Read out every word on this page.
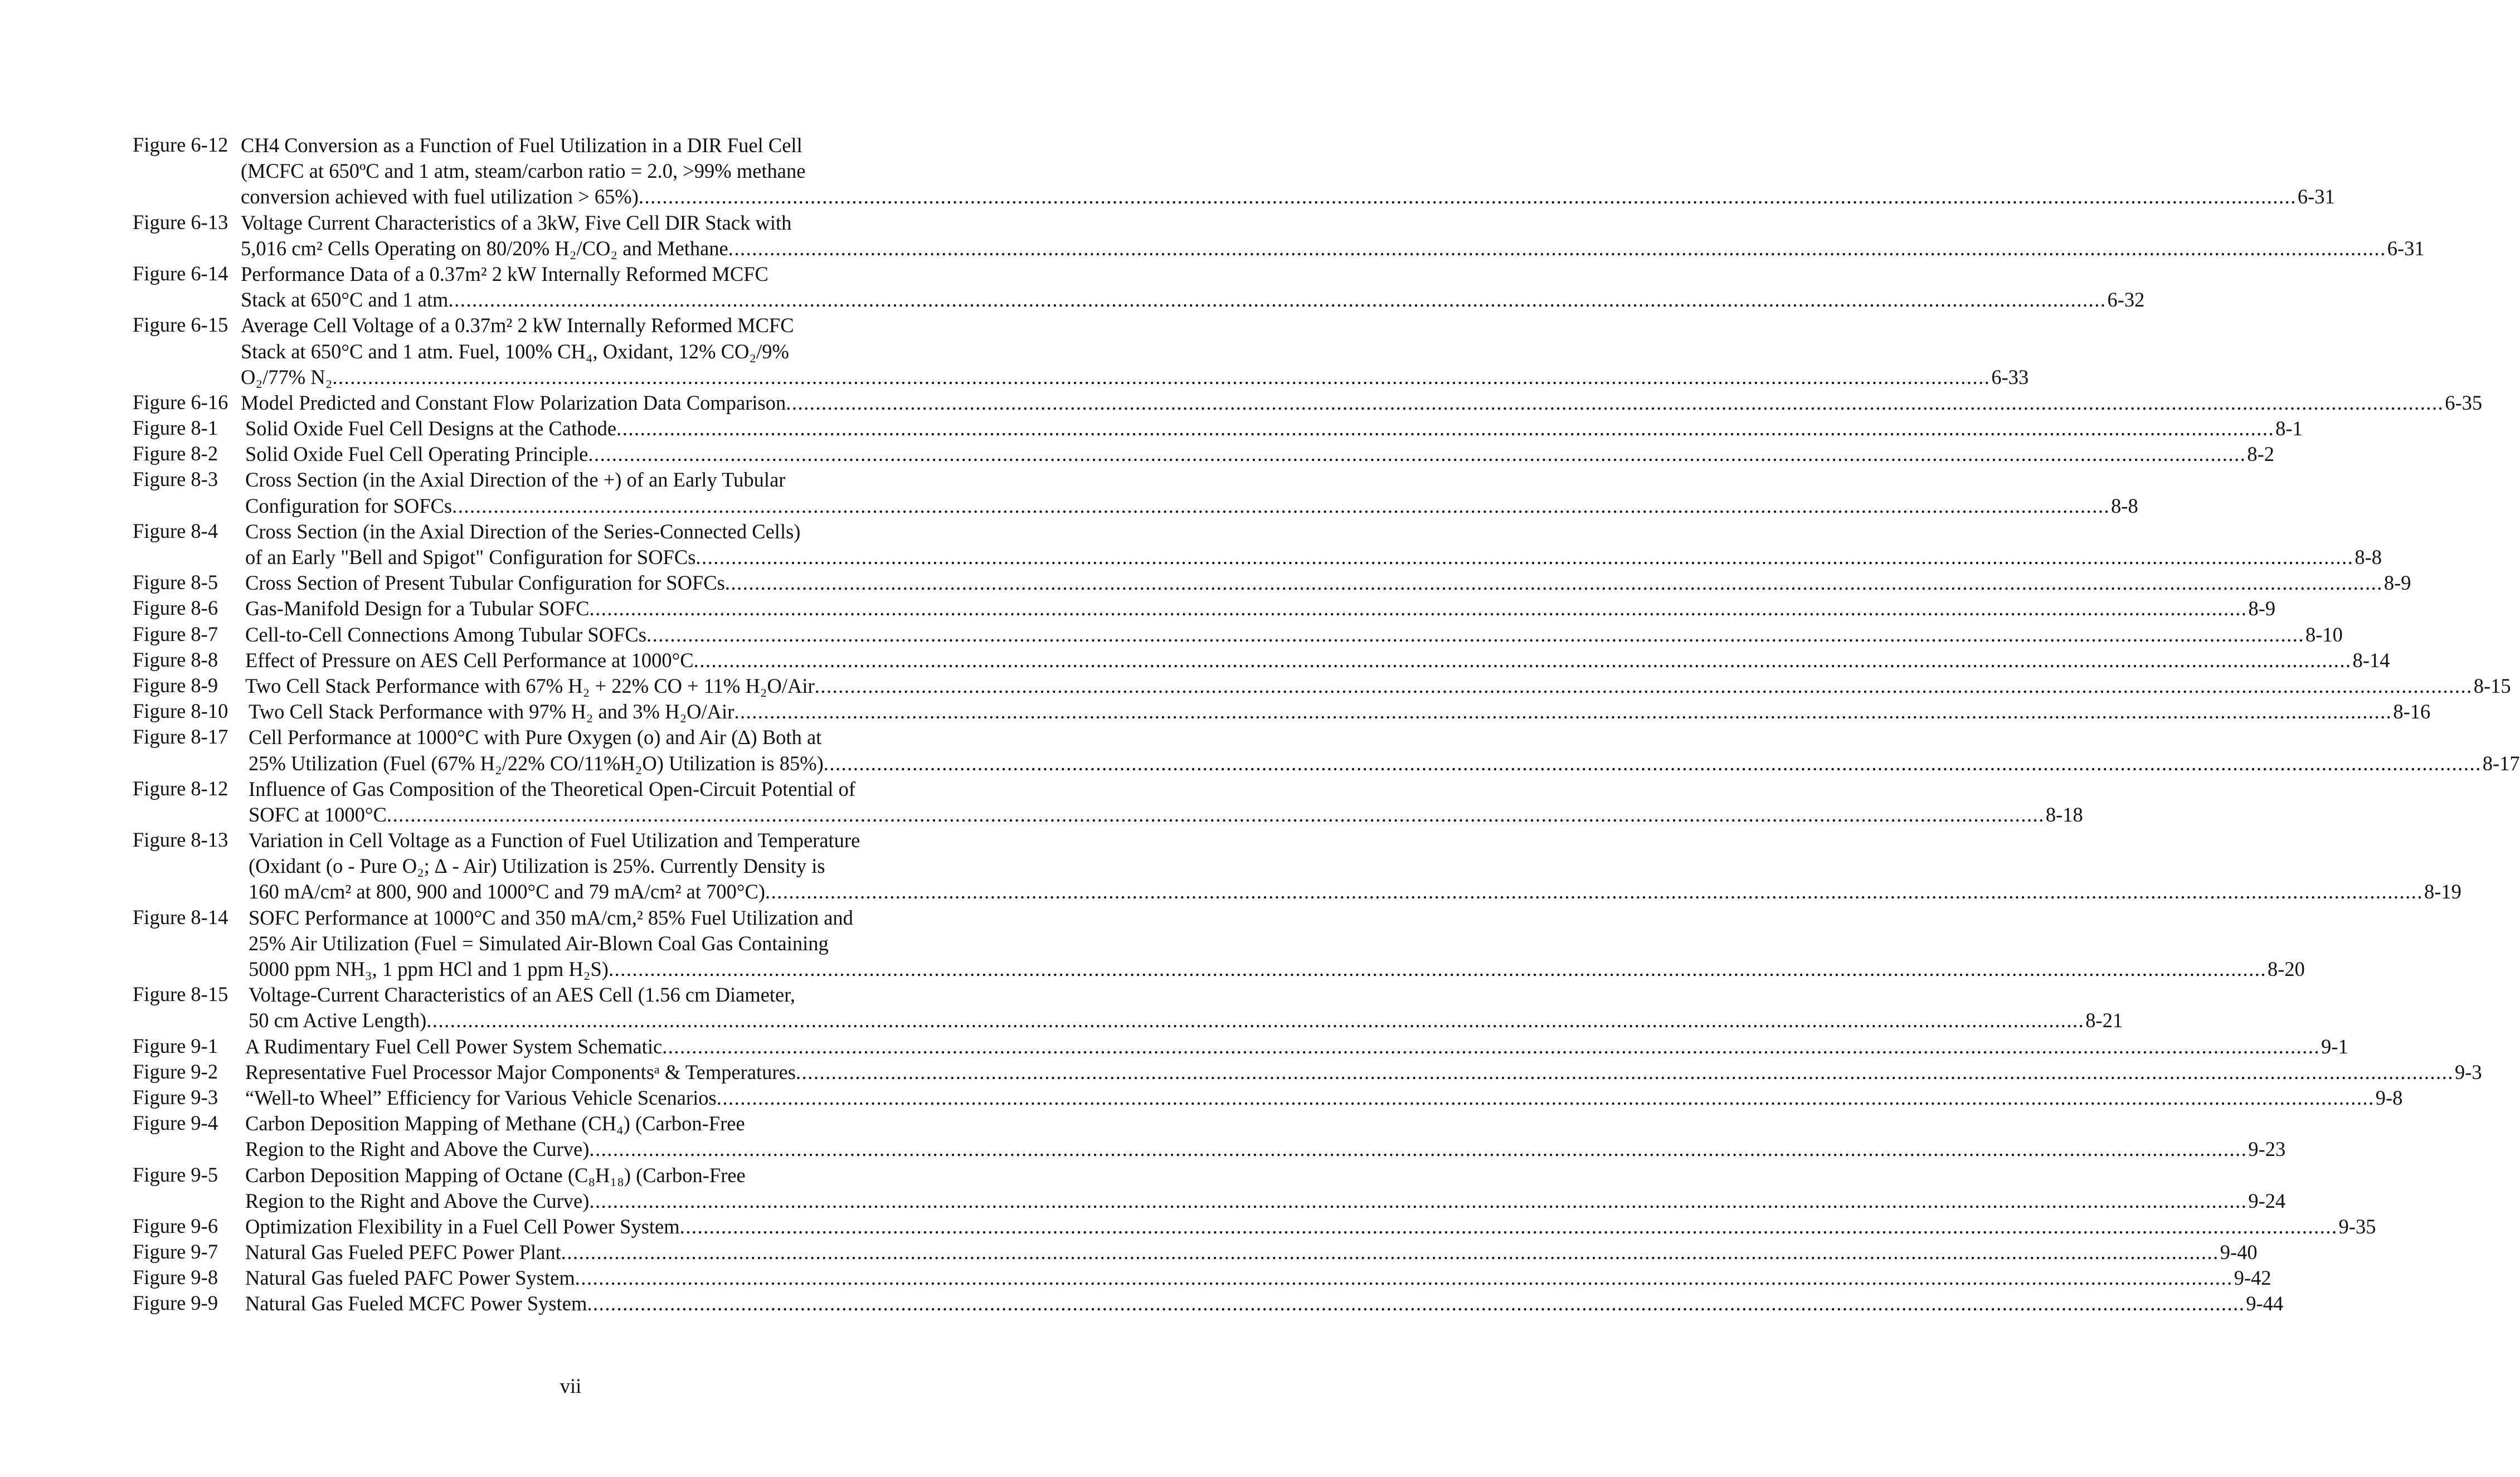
Figure 6-12 CH4 Conversion as a Function of Fuel Utilization in a DIR Fuel Cell
(MCFC at 650ºC and 1 atm, steam/carbon ratio = 2.0, >99% methane
conversion achieved with fuel utilization > 65%) .....	6-31
Figure 6-13 Voltage Current Characteristics of a 3kW, Five Cell DIR Stack with
5,016 cm² Cells Operating on 80/20% H₂/CO₂ and Methane .....	6-31
Figure 6-14 Performance Data of a 0.37m² 2 kW Internally Reformed MCFC
Stack at 650°C and 1 atm .....	6-32
Figure 6-15 Average Cell Voltage of a 0.37m² 2 kW Internally Reformed MCFC
Stack at 650°C and 1 atm. Fuel, 100% CH₄, Oxidant, 12% CO₂/9%
O₂/77% N₂ .....	6-33
Figure 6-16 Model Predicted and Constant Flow Polarization Data Comparison .....	6-35
Figure 8-1	Solid Oxide Fuel Cell Designs at the Cathode .....	8-1
Figure 8-2	Solid Oxide Fuel Cell Operating Principle .....	8-2
Figure 8-3	Cross Section (in the Axial Direction of the +) of an Early Tubular
Configuration for SOFCs .....	8-8
Figure 8-4	Cross Section (in the Axial Direction of the Series-Connected Cells)
of an Early "Bell and Spigot" Configuration for SOFCs .....	8-8
Figure 8-5	Cross Section of Present Tubular Configuration for SOFCs .....	8-9
Figure 8-6	Gas-Manifold Design for a Tubular SOFC .....	8-9
Figure 8-7	Cell-to-Cell Connections Among Tubular SOFCs .....	8-10
Figure 8-8	Effect of Pressure on AES Cell Performance at 1000°C .....	8-14
Figure 8-9	Two Cell Stack Performance with 67% H₂ + 22% CO + 11% H₂O/Air .....	8-15
Figure 8-10	Two Cell Stack Performance with 97% H₂ and 3% H₂O/Air .....	8-16
Figure 8-17	Cell Performance at 1000°C with Pure Oxygen (o) and Air (∆) Both at
25% Utilization (Fuel (67% H₂/22% CO/11%H₂O) Utilization is 85%) .....	8-17
Figure 8-12	Influence of Gas Composition of the Theoretical Open-Circuit Potential of
SOFC at 1000°C .....	8-18
Figure 8-13	Variation in Cell Voltage as a Function of Fuel Utilization and Temperature
(Oxidant (o - Pure O₂; ∆ - Air) Utilization is 25%. Currently Density is
160 mA/cm² at 800, 900 and 1000°C and 79 mA/cm² at 700°C) .....	8-19
Figure 8-14	SOFC Performance at 1000°C and 350 mA/cm,² 85% Fuel Utilization and
25% Air Utilization (Fuel = Simulated Air-Blown Coal Gas Containing
5000 ppm NH₃, 1 ppm HCl and 1 ppm H₂S) .....	8-20
Figure 8-15	Voltage-Current Characteristics of an AES Cell (1.56 cm Diameter,
50 cm Active Length) .....	8-21
Figure 9-1	A Rudimentary Fuel Cell Power System Schematic .....	9-1
Figure 9-2	Representative Fuel Processor Major Componentsᵃ & Temperatures .....	9-3
Figure 9-3	“Well-to Wheel” Efficiency for Various Vehicle Scenarios .....	9-8
Figure 9-4	Carbon Deposition Mapping of Methane (CH₄) (Carbon-Free
Region to the Right and Above the Curve) .....	9-23
Figure 9-5	Carbon Deposition Mapping of Octane (C₈H₁₈) (Carbon-Free
Region to the Right and Above the Curve) .....	9-24
Figure 9-6	Optimization Flexibility in a Fuel Cell Power System .....	9-35
Figure 9-7	Natural Gas Fueled PEFC Power Plant .....	9-40
Figure 9-8	Natural Gas fueled PAFC Power System .....	9-42
Figure 9-9	Natural Gas Fueled MCFC Power System .....	9-44
vii
